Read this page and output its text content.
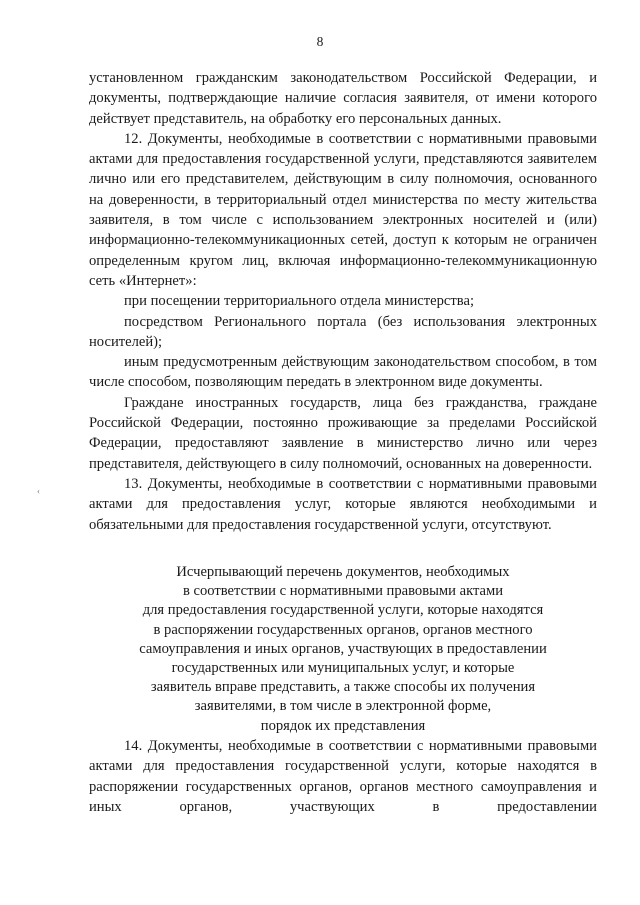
8
‹

установленном гражданским законодательством Российской Федерации, и документы, подтверждающие наличие согласия заявителя, от имени которого действует представитель, на обработку его персональных данных.

12. Документы, необходимые в соответствии с нормативными правовыми актами для предоставления государственной услуги, представляются заявителем лично или его представителем, действующим в силу полномочия, основанного на доверенности, в территориальный отдел министерства по месту жительства заявителя, в том числе с использованием электронных носителей и (или) информационно-телекоммуникационных сетей, доступ к которым не ограничен определенным кругом лиц, включая информационно-телекоммуникационную сеть «Интернет»:

при посещении территориального отдела министерства;

посредством Регионального портала (без использования электронных носителей);

иным предусмотренным действующим законодательством способом, в том числе способом, позволяющим передать в электронном виде документы.

Граждане иностранных государств, лица без гражданства, граждане Российской Федерации, постоянно проживающие за пределами Российской Федерации, предоставляют заявление в министерство лично или через представителя, действующего в силу полномочий, основанных на доверенности.

13. Документы, необходимые в соответствии с нормативными правовыми актами для предоставления услуг, которые являются необходимыми и обязательными для предоставления государственной услуги, отсутствуют.

Исчерпывающий перечень документов, необходимых
в соответствии с нормативными правовыми актами
для предоставления государственной услуги, которые находятся
в распоряжении государственных органов, органов местного
самоуправления и иных органов, участвующих в предоставлении
государственных или муниципальных услуг, и которые
заявитель вправе представить, а также способы их получения
заявителями, в том числе в электронной форме,
порядок их представления

14. Документы, необходимые в соответствии с нормативными правовыми актами для предоставления государственной услуги, которые находятся в распоряжении государственных органов, органов местного самоуправления и иных органов, участвующих в предоставлении
